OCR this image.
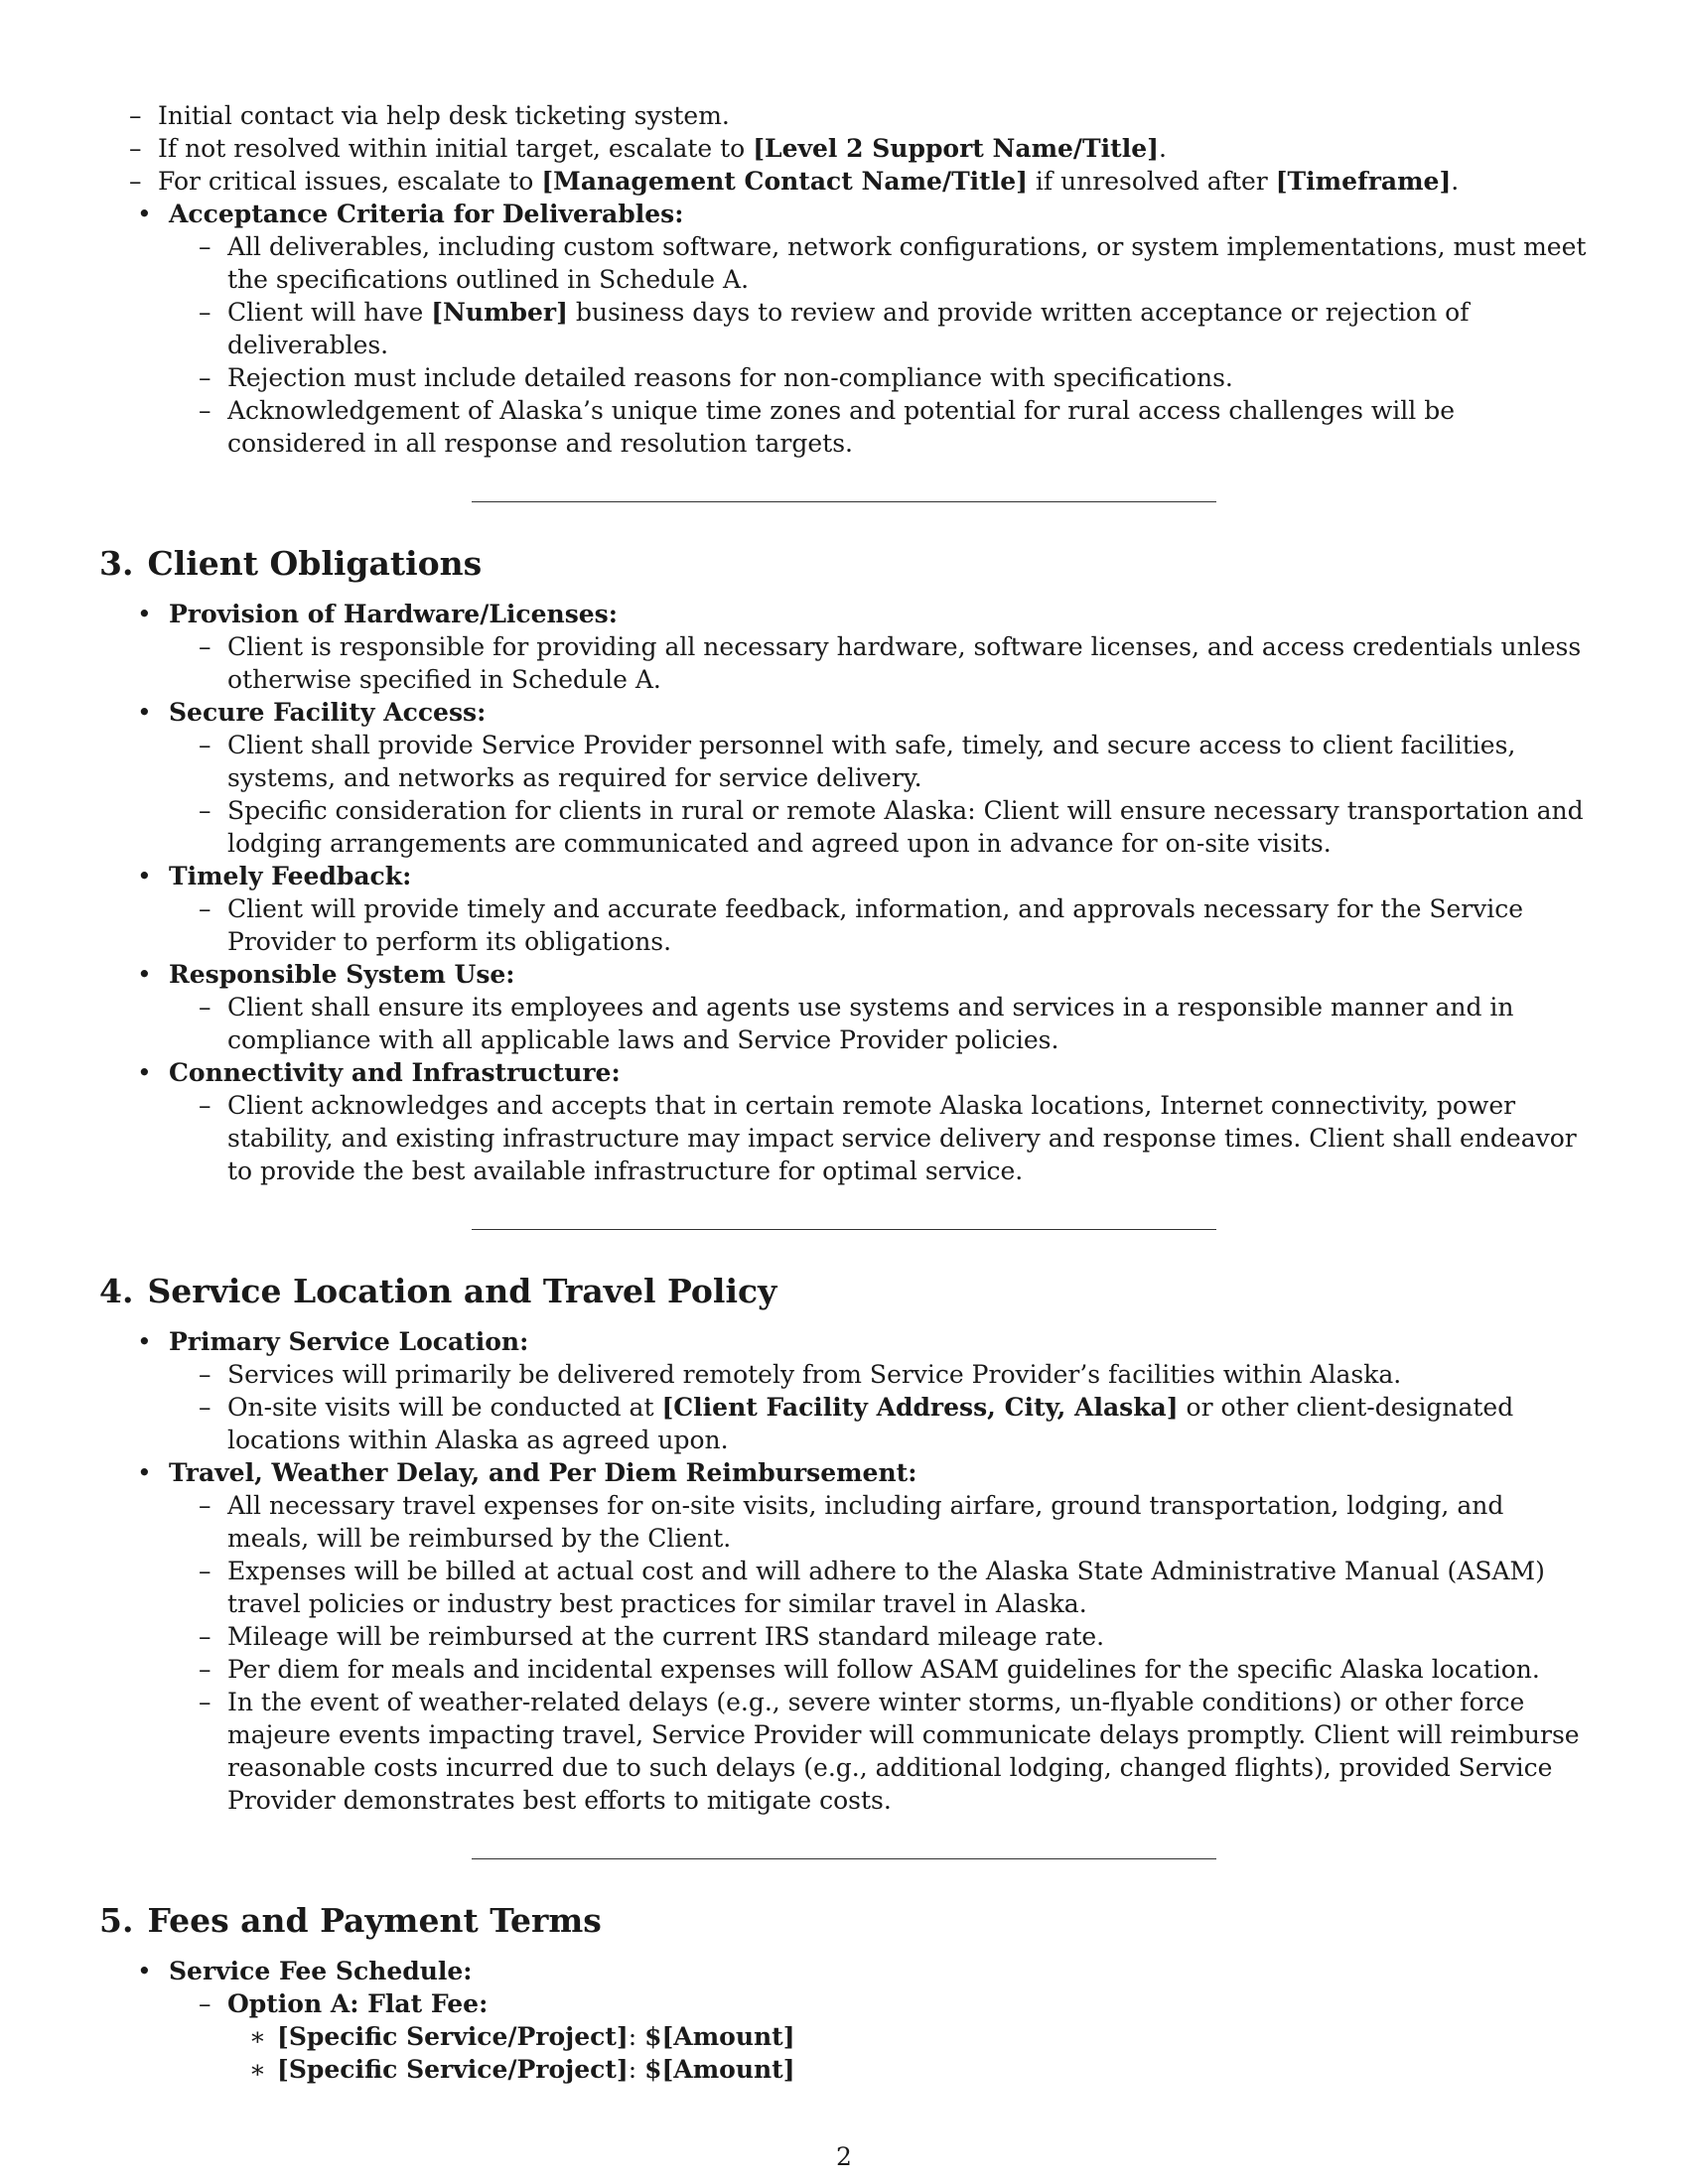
– Initial contact via help desk ticketing system.
– If not resolved within initial target, escalate to [Level 2 Support Name/Title].
– For critical issues, escalate to [Management Contact Name/Title] if unresolved after [Timeframe].
• Acceptance Criteria for Deliverables:
– All deliverables, including custom software, network configurations, or system implementations, must meet the specifications outlined in Schedule A.
– Client will have [Number] business days to review and provide written acceptance or rejection of deliverables.
– Rejection must include detailed reasons for non-compliance with specifications.
– Acknowledgement of Alaska’s unique time zones and potential for rural access challenges will be considered in all response and resolution targets.
3. Client Obligations
• Provision of Hardware/Licenses:
– Client is responsible for providing all necessary hardware, software licenses, and access credentials unless otherwise specified in Schedule A.
• Secure Facility Access:
– Client shall provide Service Provider personnel with safe, timely, and secure access to client facilities, systems, and networks as required for service delivery.
– Specific consideration for clients in rural or remote Alaska: Client will ensure necessary transportation and lodging arrangements are communicated and agreed upon in advance for on-site visits.
• Timely Feedback:
– Client will provide timely and accurate feedback, information, and approvals necessary for the Service Provider to perform its obligations.
• Responsible System Use:
– Client shall ensure its employees and agents use systems and services in a responsible manner and in compliance with all applicable laws and Service Provider policies.
• Connectivity and Infrastructure:
– Client acknowledges and accepts that in certain remote Alaska locations, Internet connectivity, power stability, and existing infrastructure may impact service delivery and response times. Client shall endeavor to provide the best available infrastructure for optimal service.
4. Service Location and Travel Policy
• Primary Service Location:
– Services will primarily be delivered remotely from Service Provider’s facilities within Alaska.
– On-site visits will be conducted at [Client Facility Address, City, Alaska] or other client-designated locations within Alaska as agreed upon.
• Travel, Weather Delay, and Per Diem Reimbursement:
– All necessary travel expenses for on-site visits, including airfare, ground transportation, lodging, and meals, will be reimbursed by the Client.
– Expenses will be billed at actual cost and will adhere to the Alaska State Administrative Manual (ASAM) travel policies or industry best practices for similar travel in Alaska.
– Mileage will be reimbursed at the current IRS standard mileage rate.
– Per diem for meals and incidental expenses will follow ASAM guidelines for the specific Alaska location.
– In the event of weather-related delays (e.g., severe winter storms, un-flyable conditions) or other force majeure events impacting travel, Service Provider will communicate delays promptly. Client will reimburse reasonable costs incurred due to such delays (e.g., additional lodging, changed flights), provided Service Provider demonstrates best efforts to mitigate costs.
5. Fees and Payment Terms
• Service Fee Schedule:
– Option A: Flat Fee:
∗ [Specific Service/Project]: $[Amount]
∗ [Specific Service/Project]: $[Amount]
2
